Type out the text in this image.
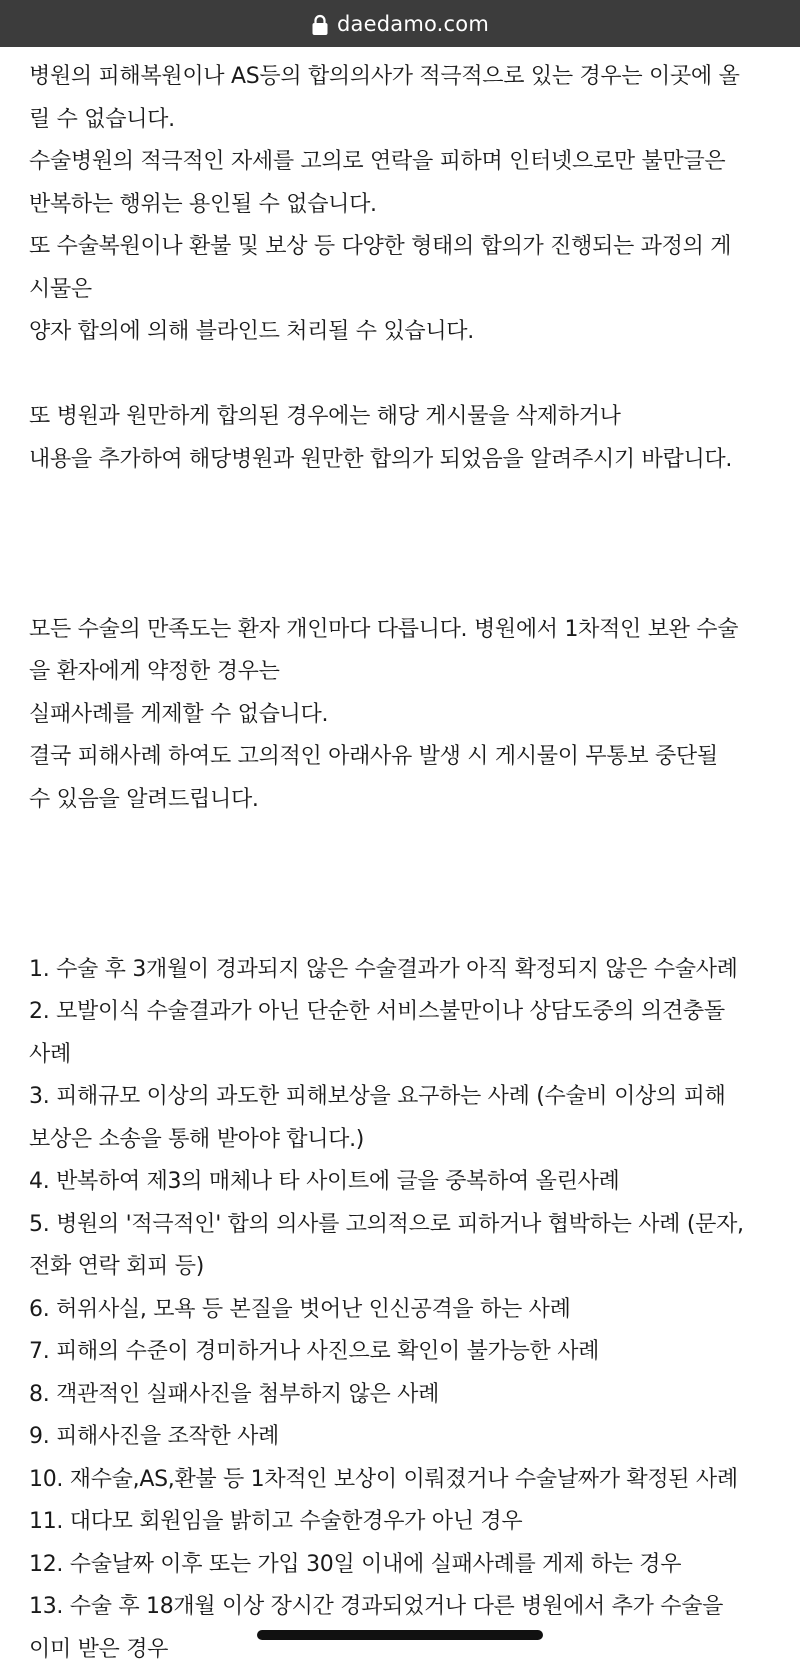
daedamo.com

병원의 피해복원이나 AS등의 합의의사가 적극적으로 있는 경우는 이곳에 올
릴 수 없습니다.

수술병원의 적극적인 자세를 고의로 연락을 피하며 인터넷으로만 불만글은
반복하는 행위는 용인될 수 없습니다.

또 수술복원이나 환불 및 보상 등 다양한 형태의 합의가 진행되는 과정의 게
시물은

양자 합의에 의해 블라인드 처리될 수 있습니다.

또 병원과 원만하게 합의된 경우에는 해당 게시물을 삭제하거나

내용을 추가하여 해당병원과 원만한 합의가 되었음을 알려주시기 바랍니다.

모든 수술의 만족도는 환자 개인마다 다릅니다. 병원에서 1차적인 보완 수술
을 환자에게 약정한 경우는

실패사례를 게제할 수 없습니다.

결국 피해사례 하여도 고의적인 아래사유 발생 시 게시물이 무통보 중단될
수 있음을 알려드립니다.

1. 수술 후 3개월이 경과되지 않은 수술결과가 아직 확정되지 않은 수술사례
2. 모발이식 수술결과가 아닌 단순한 서비스불만이나 상담도중의 의견충돌
사례
3. 피해규모 이상의 과도한 피해보상을 요구하는 사례 (수술비 이상의 피해
보상은 소송을 통해 받아야 합니다.)
4. 반복하여 제3의 매체나 타 사이트에 글을 중복하여 올린사례
5. 병원의 '적극적인' 합의 의사를 고의적으로 피하거나 협박하는 사례 (문자,
전화 연락 회피 등)
6. 허위사실, 모욕 등 본질을 벗어난 인신공격을 하는 사례
7. 피해의 수준이 경미하거나 사진으로 확인이 불가능한 사례
8. 객관적인 실패사진을 첨부하지 않은 사례
9. 피해사진을 조작한 사례
10. 재수술,AS,환불 등 1차적인 보상이 이뤄졌거나 수술날짜가 확정된 사례
11. 대다모 회원임을 밝히고 수술한경우가 아닌 경우
12. 수술날짜 이후 또는 가입 30일 이내에 실패사례를 게제 하는 경우
13. 수술 후 18개월 이상 장시간 경과되었거나 다른 병원에서 추가 수술을
이미 받은 경우
